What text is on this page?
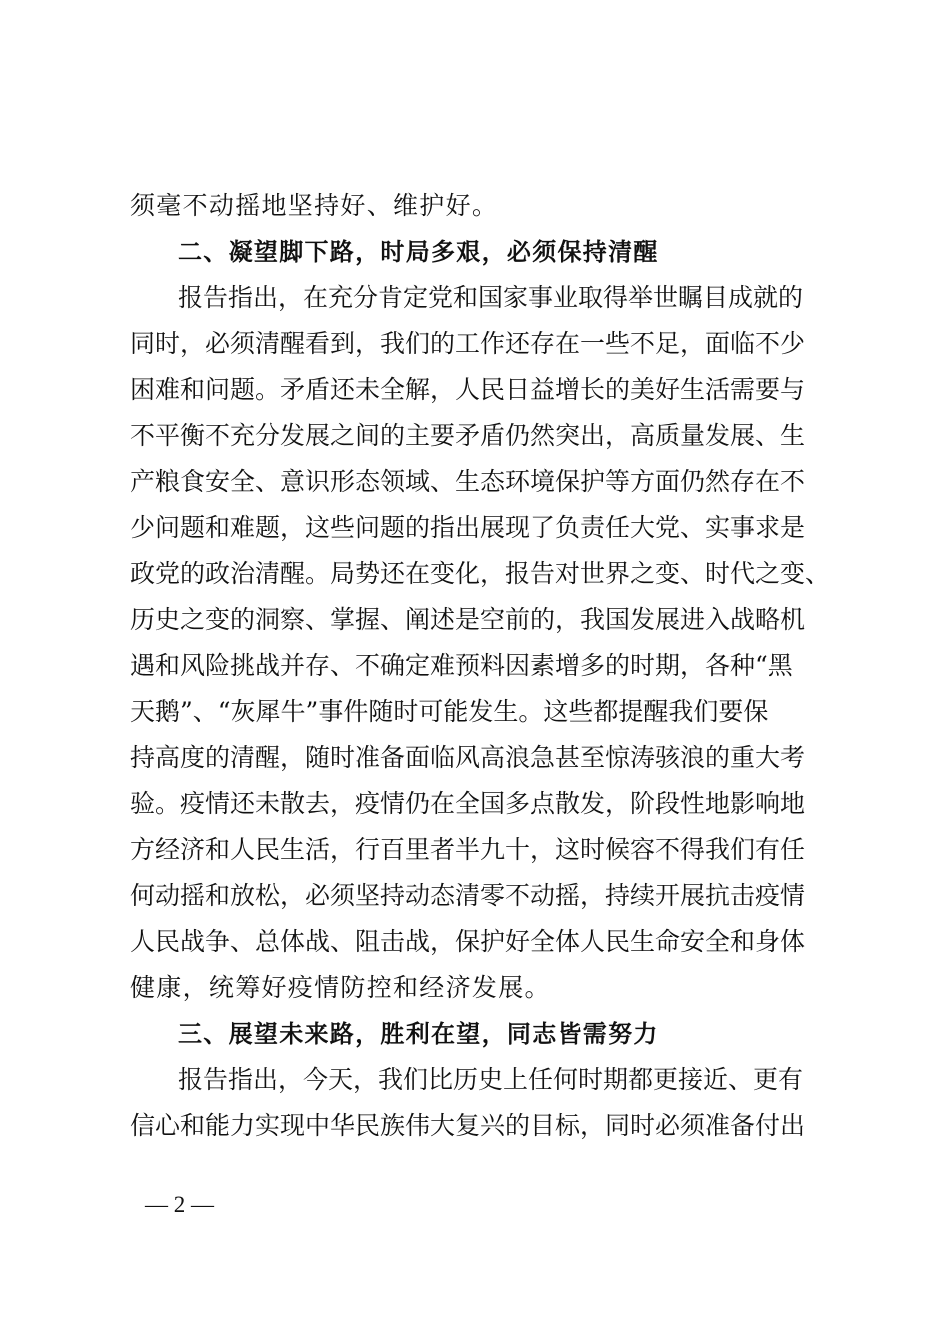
须毫不动摇地坚持好、维护好。
二、凝望脚下路，时局多艰，必须保持清醒
报告指出，在充分肯定党和国家事业取得举世瞩目成就的
同时，必须清醒看到，我们的工作还存在一些不足，面临不少
困难和问题。矛盾还未全解，人民日益增长的美好生活需要与
不平衡不充分发展之间的主要矛盾仍然突出，高质量发展、生
产粮食安全、意识形态领域、生态环境保护等方面仍然存在不
少问题和难题，这些问题的指出展现了负责任大党、实事求是
政党的政治清醒。局势还在变化，报告对世界之变、时代之变、
历史之变的洞察、掌握、阐述是空前的，我国发展进入战略机
遇和风险挑战并存、不确定难预料因素增多的时期，各种“黑
天鹅”、“灰犀牛”事件随时可能发生。这些都提醒我们要保
持高度的清醒，随时准备面临风高浪急甚至惊涛骇浪的重大考
验。疫情还未散去，疫情仍在全国多点散发，阶段性地影响地
方经济和人民生活，行百里者半九十，这时候容不得我们有任
何动摇和放松，必须坚持动态清零不动摇，持续开展抗击疫情
人民战争、总体战、阻击战，保护好全体人民生命安全和身体
健康，统筹好疫情防控和经济发展。
三、展望未来路，胜利在望，同志皆需努力
报告指出，今天，我们比历史上任何时期都更接近、更有
信心和能力实现中华民族伟大复兴的目标，同时必须准备付出
— 2 —
